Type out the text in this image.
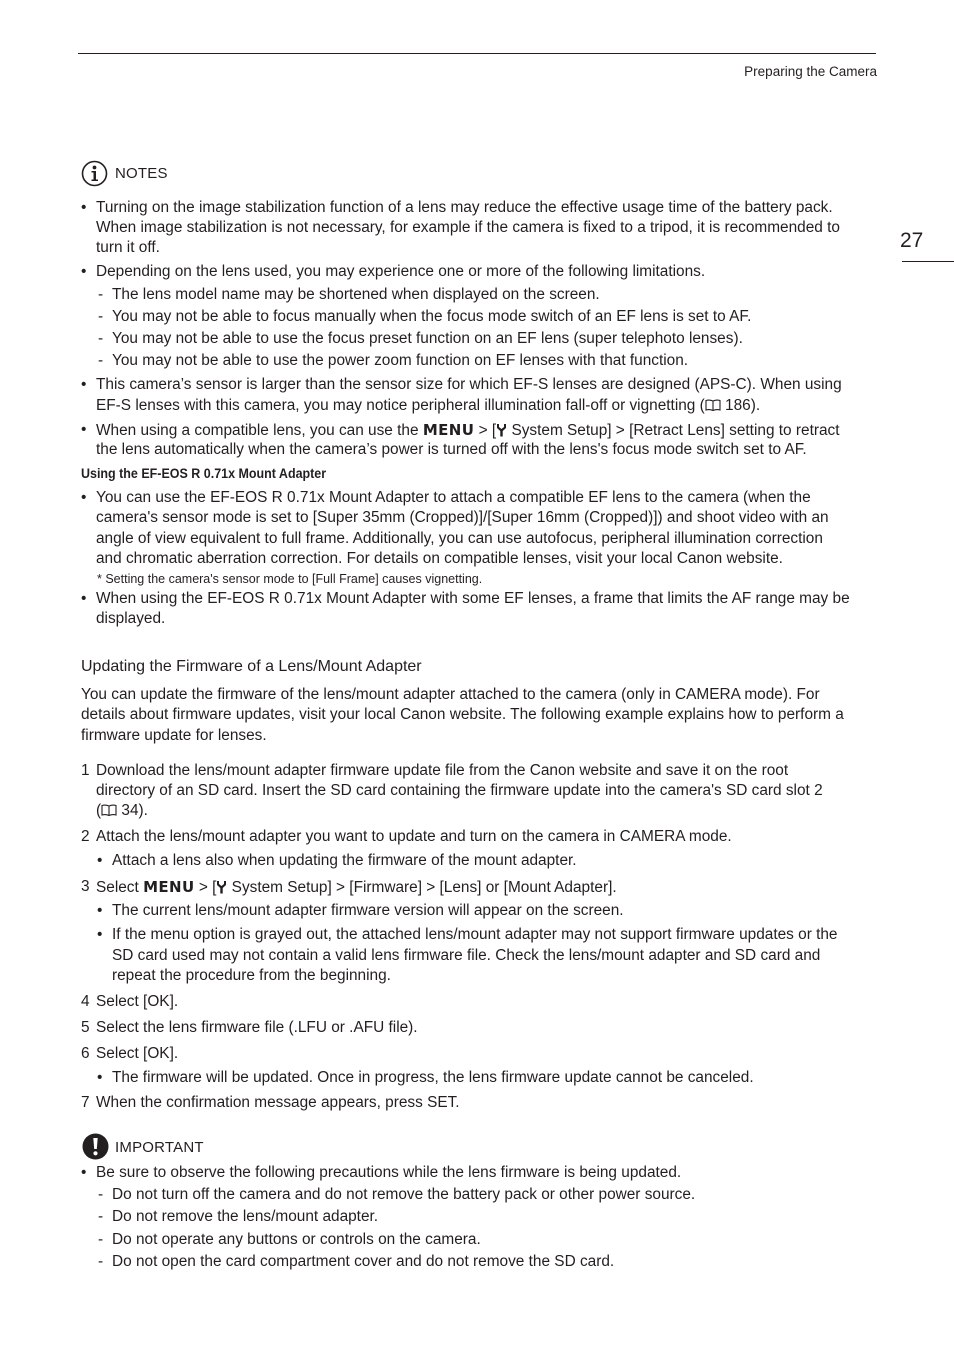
Preparing the Camera
27
NOTES
• Turning on the image stabilization function of a lens may reduce the effective usage time of the battery pack.
When image stabilization is not necessary, for example if the camera is fixed to a tripod, it is recommended to
turn it off.
• Depending on the lens used, you may experience one or more of the following limitations.
- The lens model name may be shortened when displayed on the screen.
- You may not be able to focus manually when the focus mode switch of an EF lens is set to AF.
- You may not be able to use the focus preset function on an EF lens (super telephoto lenses).
- You may not be able to use the power zoom function on EF lenses with that function.
• This camera’s sensor is larger than the sensor size for which EF-S lenses are designed (APS-C). When using
EF-S lenses with this camera, you may notice peripheral illumination fall-off or vignetting ( 186).
• When using a compatible lens, you can use the MENU > [ System Setup] > [Retract Lens] setting to retract
the lens automatically when the camera’s power is turned off with the lens's focus mode switch set to AF.
Using the EF-EOS R 0.71x Mount Adapter
• You can use the EF-EOS R 0.71x Mount Adapter to attach a compatible EF lens to the camera (when the
camera's sensor mode is set to [Super 35mm (Cropped)]/[Super 16mm (Cropped)]) and shoot video with an
angle of view equivalent to full frame. Additionally, you can use autofocus, peripheral illumination correction
and chromatic aberration correction. For details on compatible lenses, visit your local Canon website.
* Setting the camera's sensor mode to [Full Frame] causes vignetting.
• When using the EF-EOS R 0.71x Mount Adapter with some EF lenses, a frame that limits the AF range may be
displayed.
Updating the Firmware of a Lens/Mount Adapter
You can update the firmware of the lens/mount adapter attached to the camera (only in CAMERA mode). For
details about firmware updates, visit your local Canon website. The following example explains how to perform a
firmware update for lenses.
1 Download the lens/mount adapter firmware update file from the Canon website and save it on the root
directory of an SD card. Insert the SD card containing the firmware update into the camera's SD card slot 2
( 34).
2 Attach the lens/mount adapter you want to update and turn on the camera in CAMERA mode.
• Attach a lens also when updating the firmware of the mount adapter.
3 Select MENU > [ System Setup] > [Firmware] > [Lens] or [Mount Adapter].
• The current lens/mount adapter firmware version will appear on the screen.
• If the menu option is grayed out, the attached lens/mount adapter may not support firmware updates or the
SD card used may not contain a valid lens firmware file. Check the lens/mount adapter and SD card and
repeat the procedure from the beginning.
4 Select [OK].
5 Select the lens firmware file (.LFU or .AFU file).
6 Select [OK].
• The firmware will be updated. Once in progress, the lens firmware update cannot be canceled.
7 When the confirmation message appears, press SET.
IMPORTANT
• Be sure to observe the following precautions while the lens firmware is being updated.
- Do not turn off the camera and do not remove the battery pack or other power source.
- Do not remove the lens/mount adapter.
- Do not operate any buttons or controls on the camera.
- Do not open the card compartment cover and do not remove the SD card.
